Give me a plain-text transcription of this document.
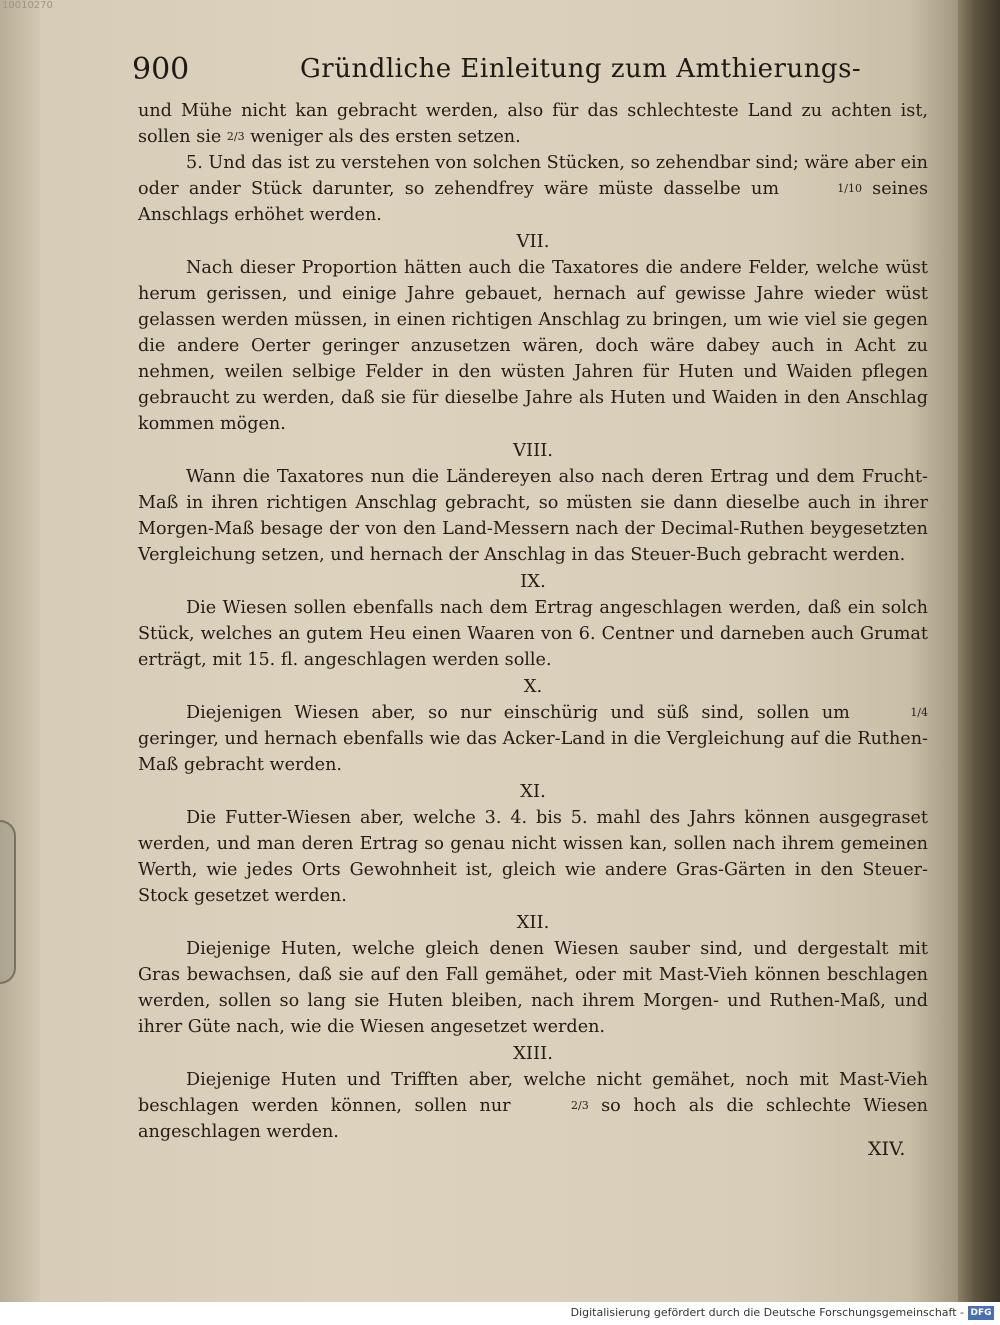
10010270
900	Gründliche Einleitung zum Amthierungs-

und Mühe nicht kan gebracht werden, also für das schlechteste Land zu achten ist, sollen sie 2/3 weniger als des ersten setzen.

5. Und das ist zu verstehen von solchen Stücken, so zehendbar sind; wäre aber ein oder ander Stück darunter, so zehendfrey wäre müste dasselbe um	1/10 seines Anschlags erhöhet werden.

VII.

Nach dieser Proportion hätten auch die Taxatores die andere Felder, welche wüst herum gerissen, und einige Jahre gebauet, hernach auf gewisse Jahre wieder wüst gelassen werden müssen, in einen richtigen Anschlag zu bringen, um wie viel sie gegen die andere Oerter geringer anzusetzen wären, doch wäre dabey auch in Acht zu nehmen, weilen selbige Felder in den wüsten Jahren für Huten und Waiden pflegen gebraucht zu werden, daß sie für dieselbe Jahre als Huten und Waiden in den Anschlag kommen mögen.

VIII.

Wann die Taxatores nun die Ländereyen also nach deren Ertrag und dem Frucht-Maß in ihren richtigen Anschlag gebracht, so müsten sie dann dieselbe auch in ihrer Morgen-Maß besage der von den Land-Messern nach der Decimal-Ruthen beygesetzten Vergleichung setzen, und hernach der Anschlag in das Steuer-Buch gebracht werden.

IX.

Die Wiesen sollen ebenfalls nach dem Ertrag angeschlagen werden, daß ein solch Stück, welches an gutem Heu einen Waaren von 6. Centner und darneben auch Grumat erträgt, mit 15. fl. angeschlagen werden solle.

X.

Diejenigen Wiesen aber, so nur einschürig und süß sind, sollen um	1/4 geringer, und hernach ebenfalls wie das Acker-Land in die Vergleichung auf die Ruthen-Maß gebracht werden.

XI.

Die Futter-Wiesen aber, welche 3. 4. bis 5. mahl des Jahrs können ausgegraset werden, und man deren Ertrag so genau nicht wissen kan, sollen nach ihrem gemeinen Werth, wie jedes Orts Gewohnheit ist, gleich wie andere Gras-Gärten in den Steuer-Stock gesetzet werden.

XII.

Diejenige Huten, welche gleich denen Wiesen sauber sind, und dergestalt mit Gras bewachsen, daß sie auf den Fall gemähet, oder mit Mast-Vieh können beschlagen werden, sollen so lang sie Huten bleiben, nach ihrem Morgen- und Ruthen-Maß, und ihrer Güte nach, wie die Wiesen angesetzet werden.

XIII.

Diejenige Huten und Trifften aber, welche nicht gemähet, noch mit Mast-Vieh beschlagen werden können, sollen nur	2/3 so hoch als die schlechte Wiesen angeschlagen werden.

XIV.
Digitalisierung gefördert durch die Deutsche Forschungsgemeinschaft - DFG
